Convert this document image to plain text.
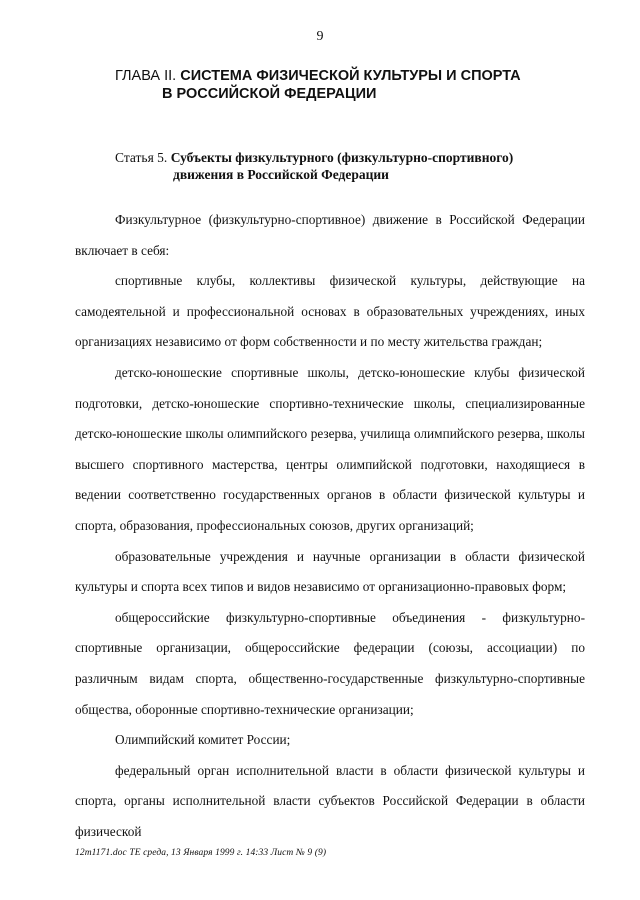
9
ГЛАВА II. СИСТЕМА ФИЗИЧЕСКОЙ КУЛЬТУРЫ И СПОРТА
В РОССИЙСКОЙ ФЕДЕРАЦИИ
Статья 5. Субъекты физкультурного (физкультурно-спортивного)
движения в Российской Федерации

Физкультурное (физкультурно-спортивное) движение в Российской Федерации включает в себя:

спортивные клубы, коллективы физической культуры, действующие на самодеятельной и профессиональной основах в образовательных учреждениях, иных организациях независимо от форм собственности и по месту жительства граждан;

детско-юношеские спортивные школы, детско-юношеские клубы физической подготовки, детско-юношеские спортивно-технические школы, специализированные детско-юношеские школы олимпийского резерва, училища олимпийского резерва, школы высшего спортивного мастерства, центры олимпийской подготовки, находящиеся в ведении соответственно государственных органов в области физической культуры и спорта, образования, профессиональных союзов, других организаций;

образовательные учреждения и научные организации в области физической культуры и спорта всех типов и видов независимо от организационно-правовых форм;

общероссийские физкультурно-спортивные объединения - физкультурно-спортивные организации, общероссийские федерации (союзы, ассоциации) по различным видам спорта, общественно-государственные физкультурно-спортивные общества, оборонные спортивно-технические организации;

Олимпийский комитет России;

федеральный орган исполнительной власти в области физической культуры и спорта, органы исполнительной власти субъектов Российской Федерации в области физической

12m1171.doc ТЕ среда, 13 Января 1999 г. 14:33 Лист № 9 (9)
